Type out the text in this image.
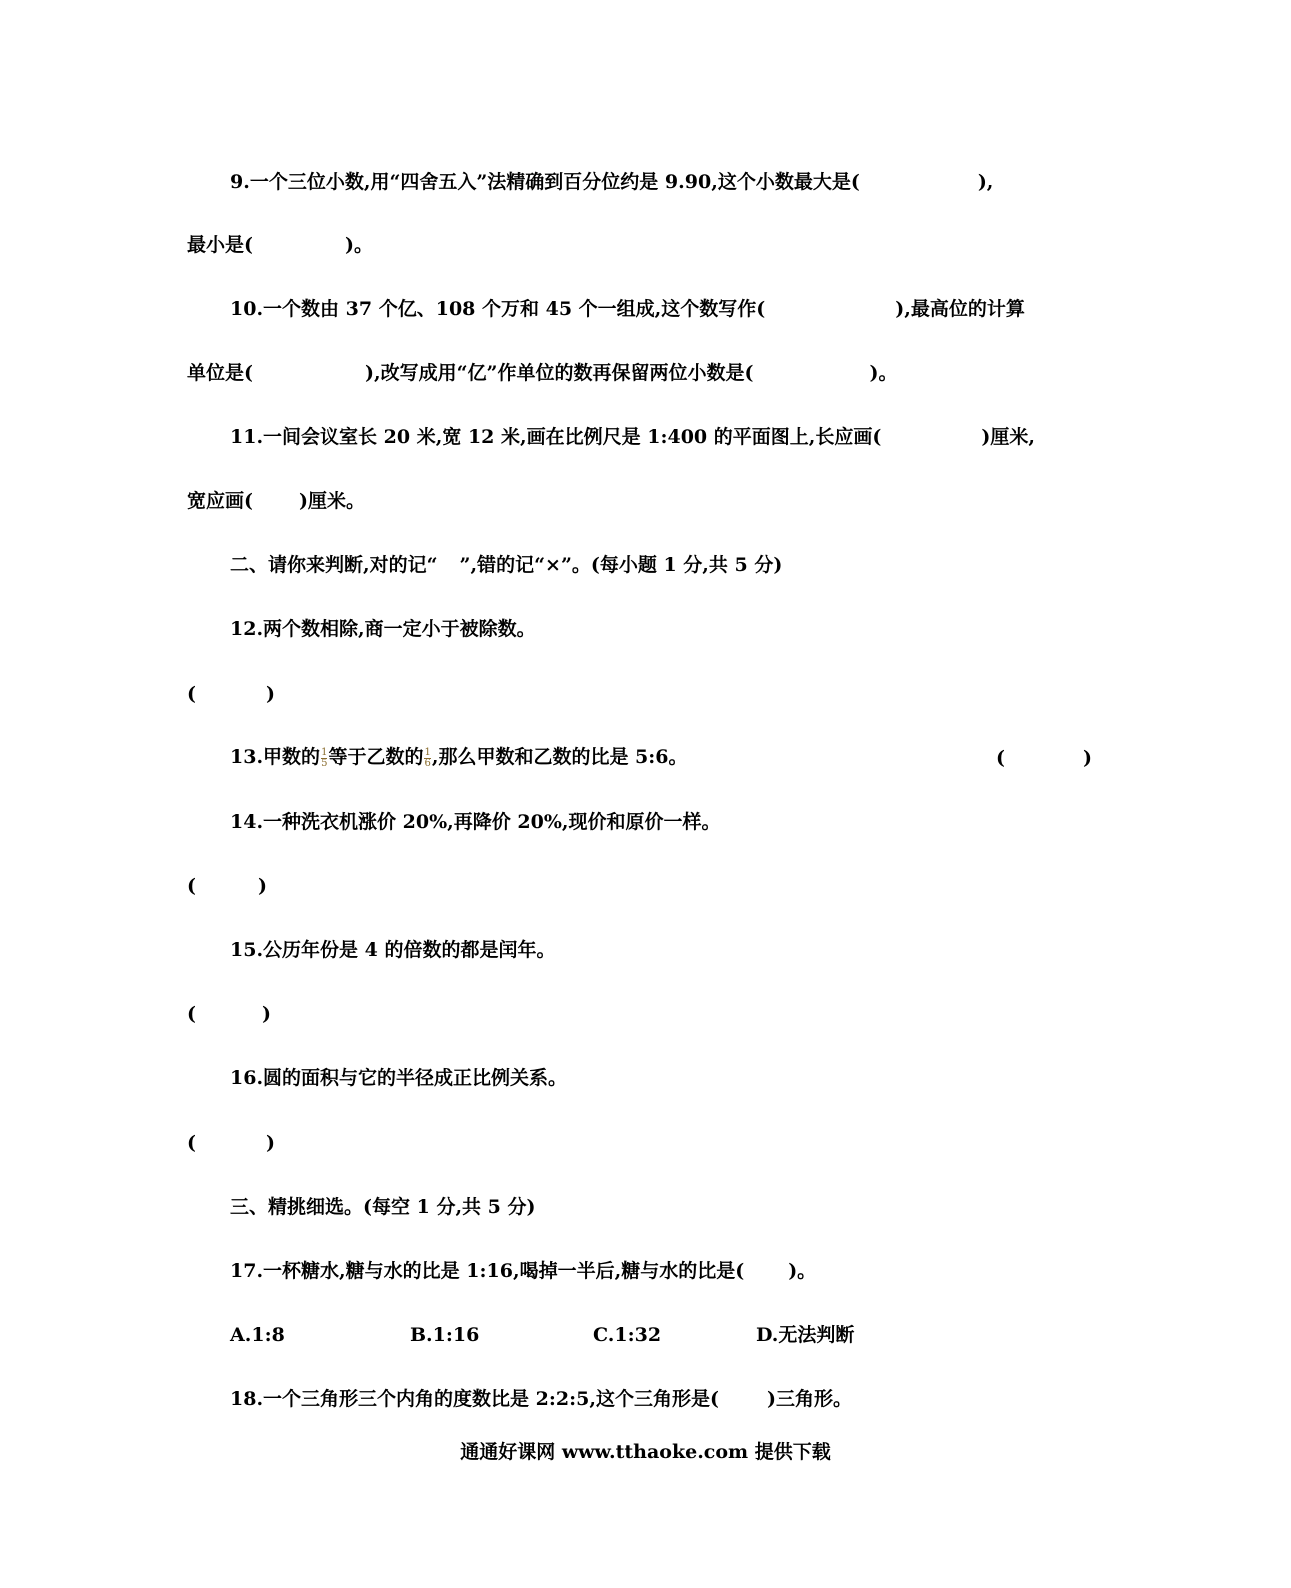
9.一个三位小数,用“四舍五入”法精确到百分位约是 9.90,这个小数最大是(	),
最小是(	)。
10.一个数由 37 个亿、108 个万和 45 个一组成,这个数写作(	),最高位的计算
单位是(	),改写成用“亿”作单位的数再保留两位小数是(	)。
11.一间会议室长 20 米,宽 12 米,画在比例尺是 1:400 的平面图上,长应画(	)厘米,
宽应画( )厘米。
二、请你来判断,对的记“ ”,错的记“×”。(每小题 1 分,共 5 分)
12.两个数相除,商一定小于被除数。
(	)
13.甲数的 $\frac{1}{5}$ 等于乙数的 $\frac{1}{6}$ ,那么甲数和乙数的比是 5:6。	(	)
14.一种洗衣机涨价 20%,再降价 20%,现价和原价一样。
(	)
15.公历年份是 4 的倍数的都是闰年。
(	)
16.圆的面积与它的半径成正比例关系。
(	)
三、精挑细选。(每空 1 分,共 5 分)
17.一杯糖水,糖与水的比是 1:16,喝掉一半后,糖与水的比是( )。
A.1:8	B.1:16	C.1:32	D.无法判断
18.一个三角形三个内角的度数比是 2:2:5,这个三角形是(	)三角形。
通通好课网 www.tthaoke.com 提供下载
